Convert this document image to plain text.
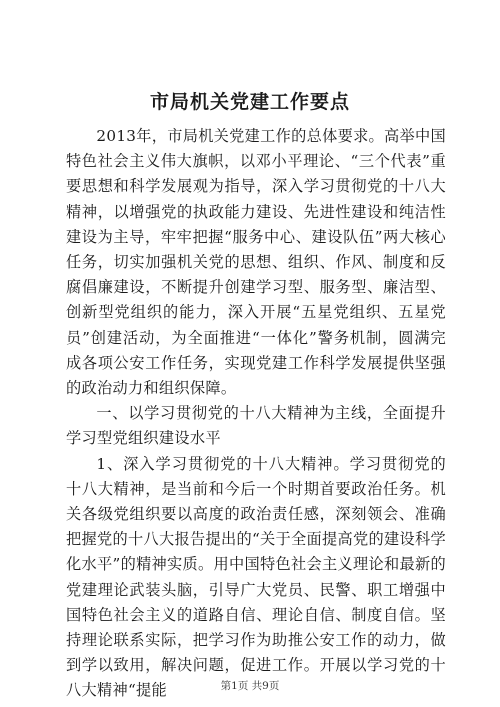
市局机关党建工作要点

2013年，市局机关党建工作的总体要求。高举中国特色社会主义伟大旗帜，以邓小平理论、“三个代表”重要思想和科学发展观为指导，深入学习贯彻党的十八大精神，以增强党的执政能力建设、先进性建设和纯洁性建设为主导，牢牢把握“服务中心、建设队伍”两大核心任务，切实加强机关党的思想、组织、作风、制度和反腐倡廉建设，不断提升创建学习型、服务型、廉洁型、创新型党组织的能力，深入开展“五星党组织、五星党员”创建活动，为全面推进“一体化”警务机制，圆满完成各项公安工作任务，实现党建工作科学发展提供坚强的政治动力和组织保障。

一、以学习贯彻党的十八大精神为主线，全面提升学习型党组织建设水平

1、深入学习贯彻党的十八大精神。学习贯彻党的十八大精神，是当前和今后一个时期首要政治任务。机关各级党组织要以高度的政治责任感，深刻领会、准确把握党的十八大报告提出的“关于全面提高党的建设科学化水平”的精神实质。用中国特色社会主义理论和最新的党建理论武装头脑，引导广大党员、民警、职工增强中国特色社会主义的道路自信、理论自信、制度自信。坚持理论联系实际，把学习作为助推公安工作的动力，做到学以致用，解决问题，促进工作。开展以学习党的十八大精神“提能	第1页 共9页
